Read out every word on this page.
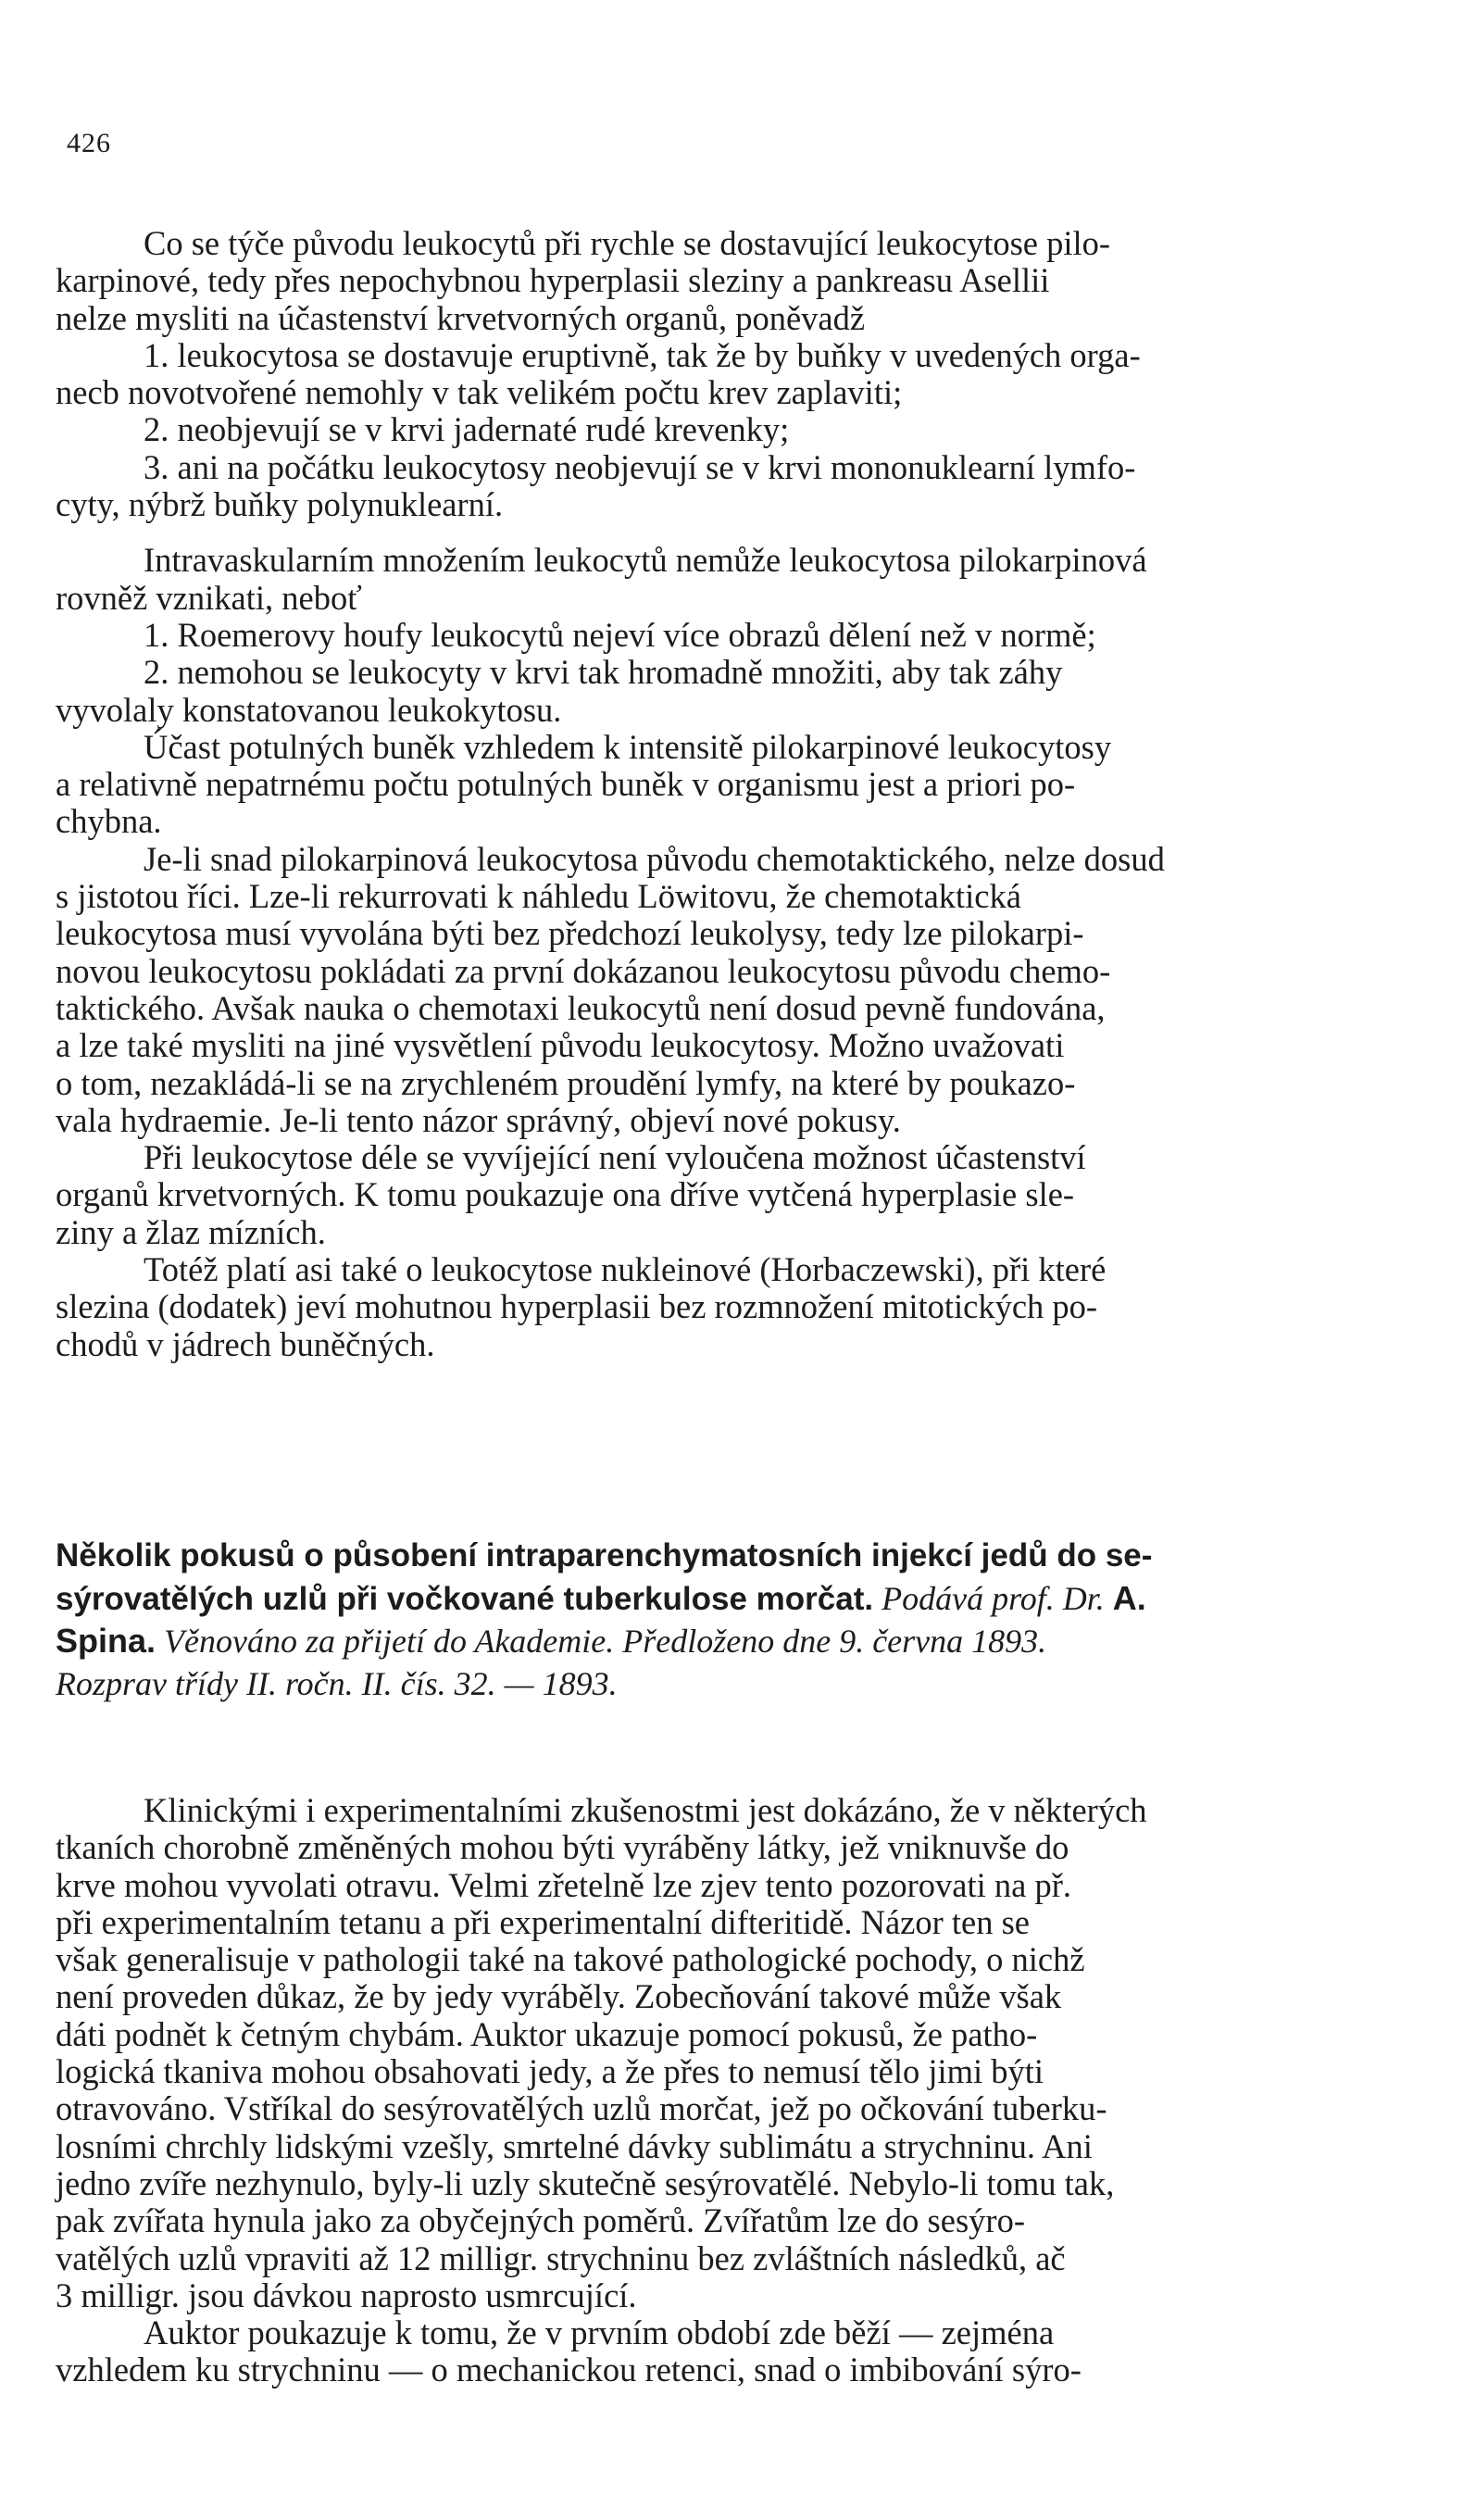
426
Co se týče původu leukocytů při rychle se dostavující leukocytose pilo-
karpinové, tedy přes nepochybnou hyperplasii sleziny a pankreasu Asellii
nelze mysliti na účastenství krvetvorných organů, poněvadž
1. leukocytosa se dostavuje eruptivně, tak že by buňky v uvedených orga-
necb novotvořené nemohly v tak velikém počtu krev zaplaviti;
2. neobjevují se v krvi jadernaté rudé krevenky;
3. ani na počátku leukocytosy neobjevují se v krvi mononuklearní lymfo-
cyty, nýbrž buňky polynuklearní.
Intravaskularním množením leukocytů nemůže leukocytosa pilokarpinová
rovněž vznikati, neboť
1. Roemerovy houfy leukocytů nejeví více obrazů dělení než v normě;
2. nemohou se leukocyty v krvi tak hromadně množiti, aby tak záhy
vyvolaly konstatovanou leukokytosu.
Účast potulných buněk vzhledem k intensitě pilokarpinové leukocytosy
a relativně nepatrnému počtu potulných buněk v organismu jest a priori po-
chybna.
Je-li snad pilokarpinová leukocytosa původu chemotaktického, nelze dosud
s jistotou říci. Lze-li rekurrovati k náhledu Löwitovu, že chemotaktická
leukocytosa musí vyvolána býti bez předchozí leukolysy, tedy lze pilokarpi-
novou leukocytosu pokládati za první dokázanou leukocytosu původu chemo-
taktického. Avšak nauka o chemotaxi leukocytů není dosud pevně fundována,
a lze také mysliti na jiné vysvětlení původu leukocytosy. Možno uvažovati
o tom, nezakládá-li se na zrychleném proudění lymfy, na které by poukazo-
vala hydraemie. Je-li tento názor správný, objeví nové pokusy.
Při leukocytose déle se vyvíjející není vyloučena možnost účastenství
organů krvetvorných. K tomu poukazuje ona dříve vytčená hyperplasie sle-
ziny a žlaz mízních.
Totéž platí asi také o leukocytose nukleinové (Horbaczewski), při které
slezina (dodatek) jeví mohutnou hyperplasii bez rozmnožení mitotických po-
chodů v jádrech buněčných.
Několik pokusů o působení intraparenchymatosních injekcí jedů do se-
sýrovatělých uzlů při vočkované tuberkulose morčat. Podává prof. Dr. A.
Spina. Věnováno za přijetí do Akademie. Předloženo dne 9. června 1893.
Rozprav třídy II. ročn. II. čís. 32. — 1893.
Klinickými i experimentalními zkušenostmi jest dokázáno, že v některých
tkaních chorobně změněných mohou býti vyráběny látky, jež vniknuvše do
krve mohou vyvolati otravu. Velmi zřetelně lze zjev tento pozorovati na př.
při experimentalním tetanu a při experimentalní difteritidě. Názor ten se
však generalisuje v pathologii také na takové pathologické pochody, o nichž
není proveden důkaz, že by jedy vyráběly. Zobecňování takové může však
dáti podnět k četným chybám. Auktor ukazuje pomocí pokusů, že patho-
logická tkaniva mohou obsahovati jedy, a že přes to nemusí tělo jimi býti
otravováno. Vstříkal do sesýrovatělých uzlů morčat, jež po očkování tuberku-
losními chrchly lidskými vzešly, smrtelné dávky sublimátu a strychninu. Ani
jedno zvíře nezhynulo, byly-li uzly skutečně sesýrovatělé. Nebylo-li tomu tak,
pak zvířata hynula jako za obyčejných poměrů. Zvířatům lze do sesýro-
vatělých uzlů vpraviti až 12 milligr. strychninu bez zvláštních následků, ač
3 milligr. jsou dávkou naprosto usmrcující.
Auktor poukazuje k tomu, že v prvním období zde běží — zejména
vzhledem ku strychninu — o mechanickou retenci, snad o imbibování sýro-
